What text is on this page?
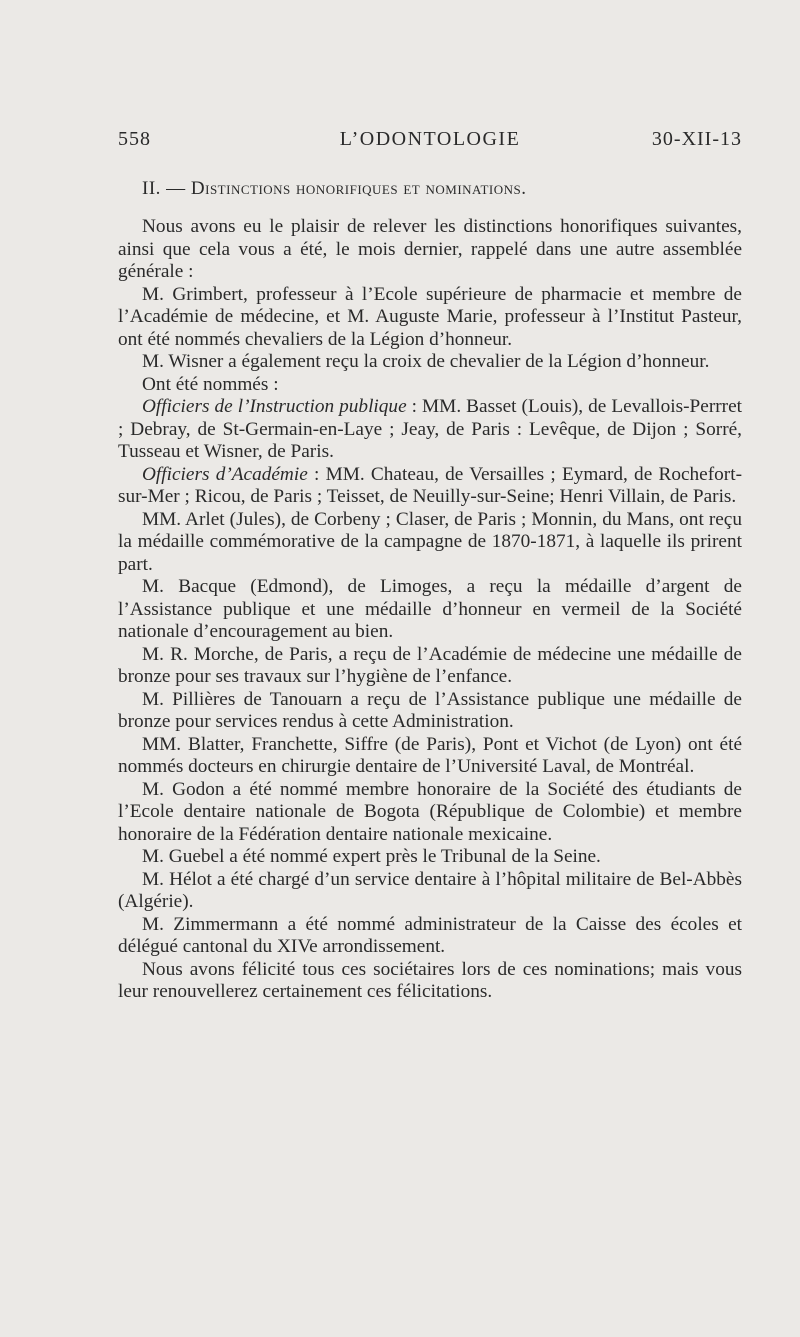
558	L’ODONTOLOGIE	30-XII-13
II. — Distinctions honorifiques et nominations.

Nous avons eu le plaisir de relever les distinctions honorifiques suivantes, ainsi que cela vous a été, le mois dernier, rappelé dans une autre assemblée générale :

M. Grimbert, professeur à l’Ecole supérieure de pharmacie et membre de l’Académie de médecine, et M. Auguste Marie, professeur à l’Institut Pasteur, ont été nommés chevaliers de la Légion d’honneur.

M. Wisner a également reçu la croix de chevalier de la Légion d’honneur.

Ont été nommés :

Officiers de l’Instruction publique : MM. Basset (Louis), de Levallois-Perrret ; Debray, de St-Germain-en-Laye ; Jeay, de Paris : Levêque, de Dijon ; Sorré, Tusseau et Wisner, de Paris.

Officiers d’Académie : MM. Chateau, de Versailles ; Eymard, de Rochefort-sur-Mer ; Ricou, de Paris ; Teisset, de Neuilly-sur-Seine; Henri Villain, de Paris.

MM. Arlet (Jules), de Corbeny ; Claser, de Paris ; Monnin, du Mans, ont reçu la médaille commémorative de la campagne de 1870-1871, à laquelle ils prirent part.

M. Bacque (Edmond), de Limoges, a reçu la médaille d’argent de l’Assistance publique et une médaille d’honneur en vermeil de la Société nationale d’encouragement au bien.

M. R. Morche, de Paris, a reçu de l’Académie de médecine une médaille de bronze pour ses travaux sur l’hygiène de l’enfance.

M. Pillières de Tanouarn a reçu de l’Assistance publique une médaille de bronze pour services rendus à cette Administration.

MM. Blatter, Franchette, Siffre (de Paris), Pont et Vichot (de Lyon) ont été nommés docteurs en chirurgie dentaire de l’Université Laval, de Montréal.

M. Godon a été nommé membre honoraire de la Société des étudiants de l’Ecole dentaire nationale de Bogota (République de Colombie) et membre honoraire de la Fédération dentaire nationale mexicaine.

M. Guebel a été nommé expert près le Tribunal de la Seine.

M. Hélot a été chargé d’un service dentaire à l’hôpital militaire de Bel-Abbès (Algérie).

M. Zimmermann a été nommé administrateur de la Caisse des écoles et délégué cantonal du XIVe arrondissement.

Nous avons félicité tous ces sociétaires lors de ces nominations; mais vous leur renouvellerez certainement ces félicitations.
